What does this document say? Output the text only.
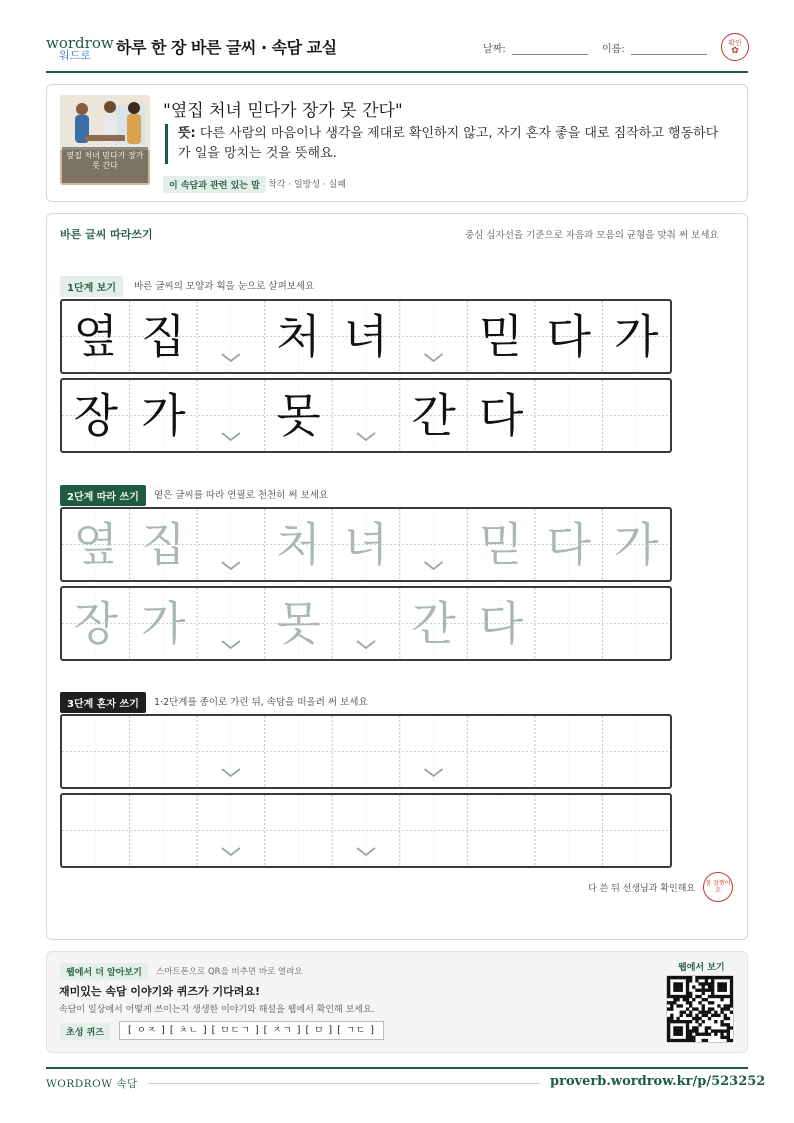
wordrow
워드로 하루 한 장 바른 글씨 · 속담 교실	날짜:	이름:
확인
✿
옆집 처녀 믿다가 장가 못 간다
"옆집 처녀 믿다가 장가 못 간다"
뜻: 다른 사람의 마음이나 생각을 제대로 확인하지 않고, 자기 혼자 좋을 대로 짐작하고 행동하다가 일을 망치는 것을 뜻해요.
이 속담과 관련 있는 말 착각 · 일방성 · 실패
바른 글씨 따라쓰기	중심 십자선을 기준으로 자음과 모음의 균형을 맞춰 써 보세요
1단계 보기	바른 글씨의 모양과 획을 눈으로 살펴보세요
옆 집 처 녀 믿 다 가
장 가 못 간 다
2단계 따라 쓰기	옅은 글씨를 따라 연필로 천천히 써 보세요
옆 집 처 녀 믿 다 가
장 가 못 간 다
3단계 혼자 쓰기	1·2단계를 종이로 가린 뒤, 속담을 떠올려 써 보세요
다 쓴 뒤 선생님과 확인해요
참 잘했어요
웹에서 더 알아보기	스마트폰으로 QR을 비추면 바로 열려요
재미있는 속담 이야기와 퀴즈가 기다려요!
속담이 일상에서 어떻게 쓰이는지 생생한 이야기와 해설을 웹에서 확인해 보세요.
초성 퀴즈	[ ㅇㅈ ] [ ㅊㄴ ] [ ㅁㄷㄱ ] [ ㅈㄱ ] [ ㅁ ] [ ㄱㄷ ]
웹에서 보기
WORDROW 속담	proverb.wordrow.kr/p/523252
